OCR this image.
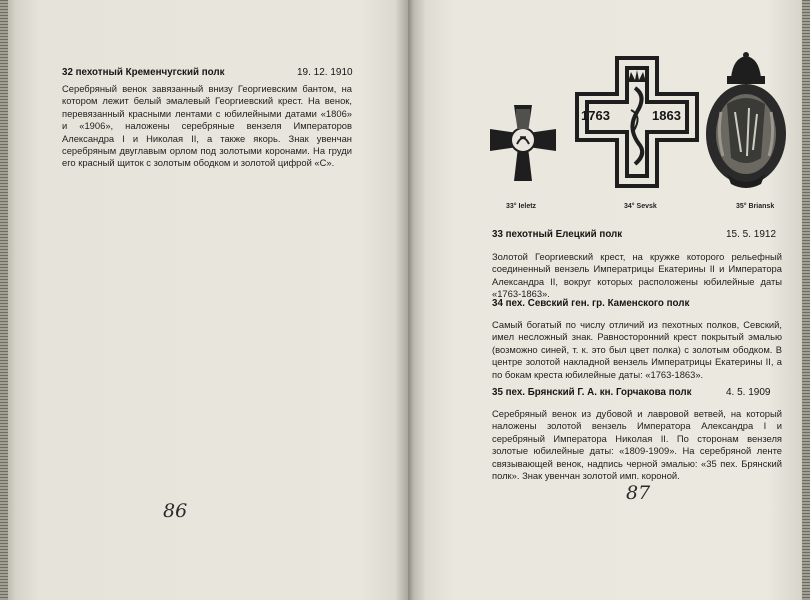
32 пехотный Кременчугский полк	19. 12. 1910
Серебряный венок завязанный внизу Георгиевским бантом, на котором лежит белый эмалевый Георгиевский крест. На венок, перевязанный красными лентами с юбилейными датами «1806» и «1906», наложены серебряные вензеля Императоров Александра I и Николая II, а также якорь. Знак увенчан серебряным двуглавым орлом под золотыми коронами. На груди его красный щиток с золотым ободком и золотой цифрой «С».
86
1763	1863
33° Ieletz	34° Sevsk	35° Briansk
33 пехотный Елецкий полк	15. 5. 1912
Золотой Георгиевский крест, на кружке которого рельефный соединенный вензель Императрицы Екатерины II и Императора Александра II, вокруг которых расположены юбилейные даты «1763-1863».
34 пех. Севский ген. гр. Каменского полк
Самый богатый по числу отличий из пехотных полков, Севский, имел несложный знак. Равносторонний крест покрытый эмалью (возможно синей, т. к. это был цвет полка) с золотым ободком. В центре золотой накладной вензель Императрицы Екатерины II, а по бокам креста юбилейные даты: «1763-1863».
35 пех. Брянский Г. А. кн. Горчакова полк	4. 5. 1909
Серебряный венок из дубовой и лавровой ветвей, на который наложены золотой вензель Императора Александра I и серебряный Императора Николая II. По сторонам вензеля золотые юбилейные даты: «1809-1909». На серебряной ленте связывающей венок, надпись черной эмалью: «35 пех. Брянский полк». Знак увенчан золотой имп. короной.
87
